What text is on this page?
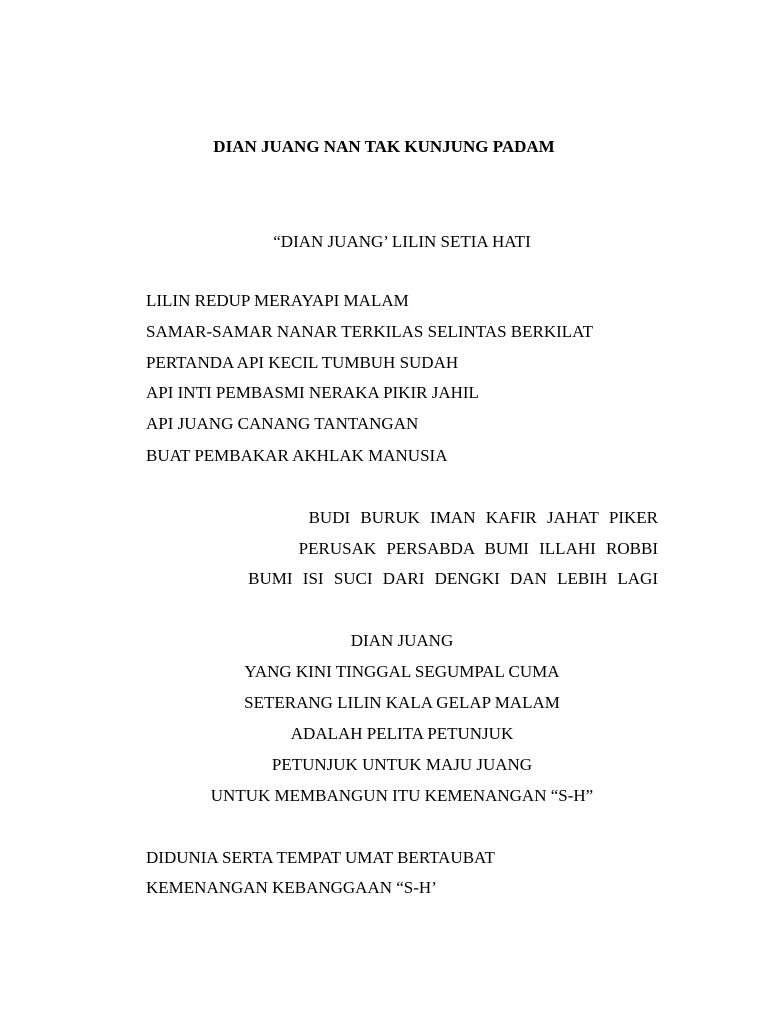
DIAN JUANG NAN TAK KUNJUNG PADAM
“DIAN JUANG’ LILIN SETIA HATI
LILIN REDUP MERAYAPI MALAM
SAMAR-SAMAR NANAR TERKILAS SELINTAS BERKILAT
PERTANDA API KECIL TUMBUH SUDAH
API INTI PEMBASMI NERAKA PIKIR JAHIL
API JUANG CANANG TANTANGAN
BUAT PEMBAKAR AKHLAK MANUSIA
BUDI BURUK IMAN KAFIR JAHAT PIKER
PERUSAK PERSABDA BUMI ILLAHI ROBBI
BUMI ISI SUCI DARI DENGKI DAN LEBIH LAGI
DIAN JUANG
YANG KINI TINGGAL SEGUMPAL CUMA
SETERANG LILIN KALA GELAP MALAM
ADALAH PELITA PETUNJUK
PETUNJUK UNTUK MAJU JUANG
UNTUK MEMBANGUN ITU KEMENANGAN “S-H”
DIDUNIA SERTA TEMPAT UMAT BERTAUBAT
KEMENANGAN KEBANGGAAN “S-H’
